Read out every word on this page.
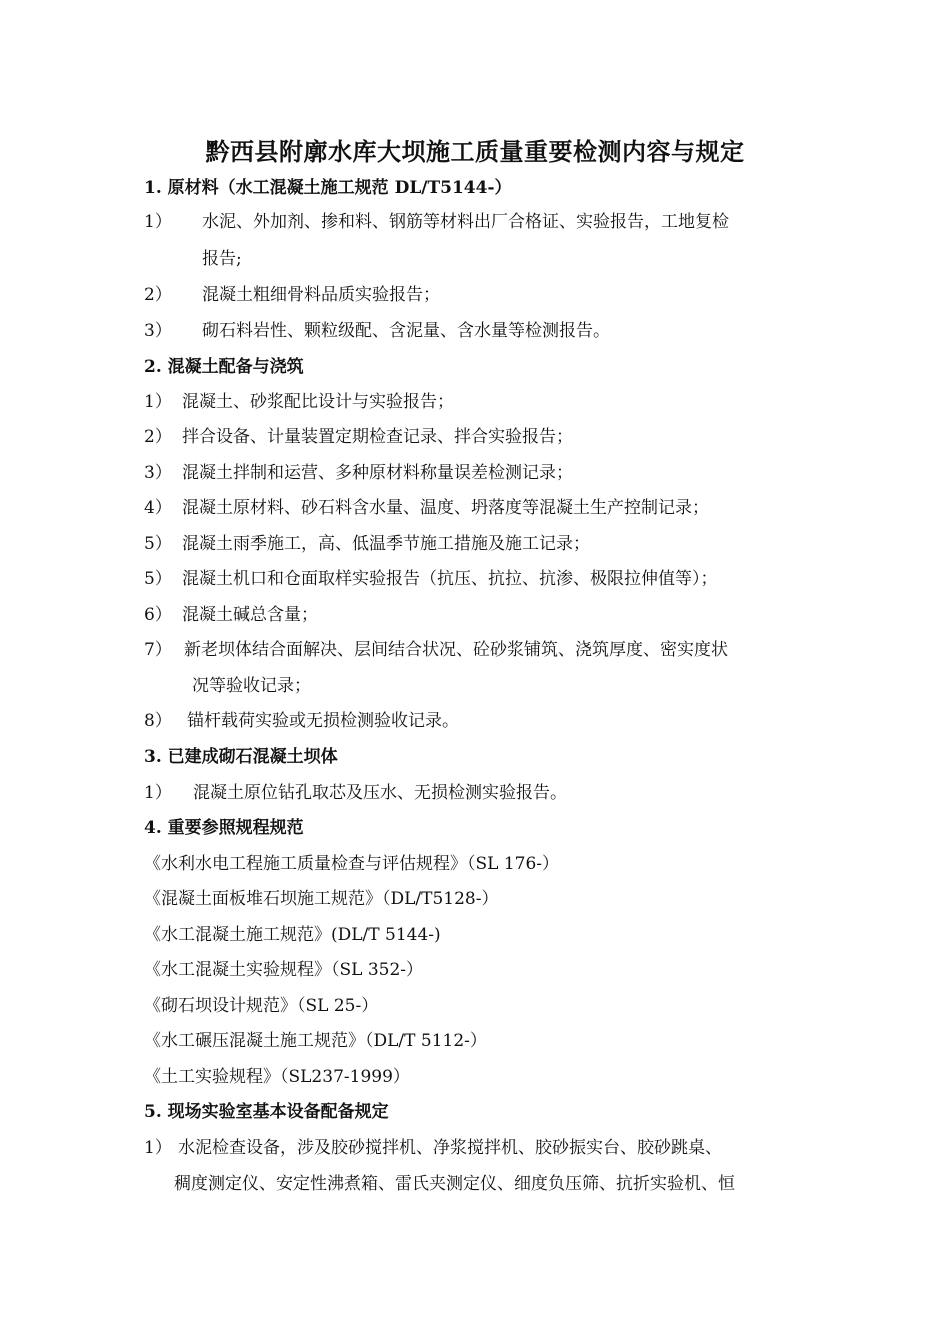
黔西县附廓水库大坝施工质量重要检测内容与规定
1. 原材料（水工混凝土施工规范 DL/T5144-）
1） 水泥、外加剂、掺和料、钢筋等材料出厂合格证、实验报告，工地复检
报告;
2） 混凝土粗细骨料品质实验报告；
3） 砌石料岩性、颗粒级配、含泥量、含水量等检测报告。
2. 混凝土配备与浇筑
1） 混凝土、砂浆配比设计与实验报告；
2） 拌合设备、计量装置定期检查记录、拌合实验报告；
3） 混凝土拌制和运营、多种原材料称量误差检测记录；
4） 混凝土原材料、砂石料含水量、温度、坍落度等混凝土生产控制记录；
5） 混凝土雨季施工，高、低温季节施工措施及施工记录；
5） 混凝土机口和仓面取样实验报告（抗压、抗拉、抗渗、极限拉伸值等）；
6） 混凝土碱总含量；
7） 新老坝体结合面解决、层间结合状况、砼砂浆铺筑、浇筑厚度、密实度状
况等验收记录；
8） 锚杆载荷实验或无损检测验收记录。
3. 已建成砌石混凝土坝体
1） 混凝土原位钻孔取芯及压水、无损检测实验报告。
4. 重要参照规程规范
《水利水电工程施工质量检查与评估规程》（SL 176-）
《混凝土面板堆石坝施工规范》（DL/T5128-）
《水工混凝土施工规范》(DL/T 5144-)
《水工混凝土实验规程》（SL 352-）
《砌石坝设计规范》（SL 25-）
《水工碾压混凝土施工规范》（DL/T 5112-）
《土工实验规程》（SL237-1999）
5. 现场实验室基本设备配备规定
1） 水泥检查设备，涉及胶砂搅拌机、净浆搅拌机、胶砂振实台、胶砂跳桌、
稠度测定仪、安定性沸煮箱、雷氏夹测定仪、细度负压筛、抗折实验机、恒
